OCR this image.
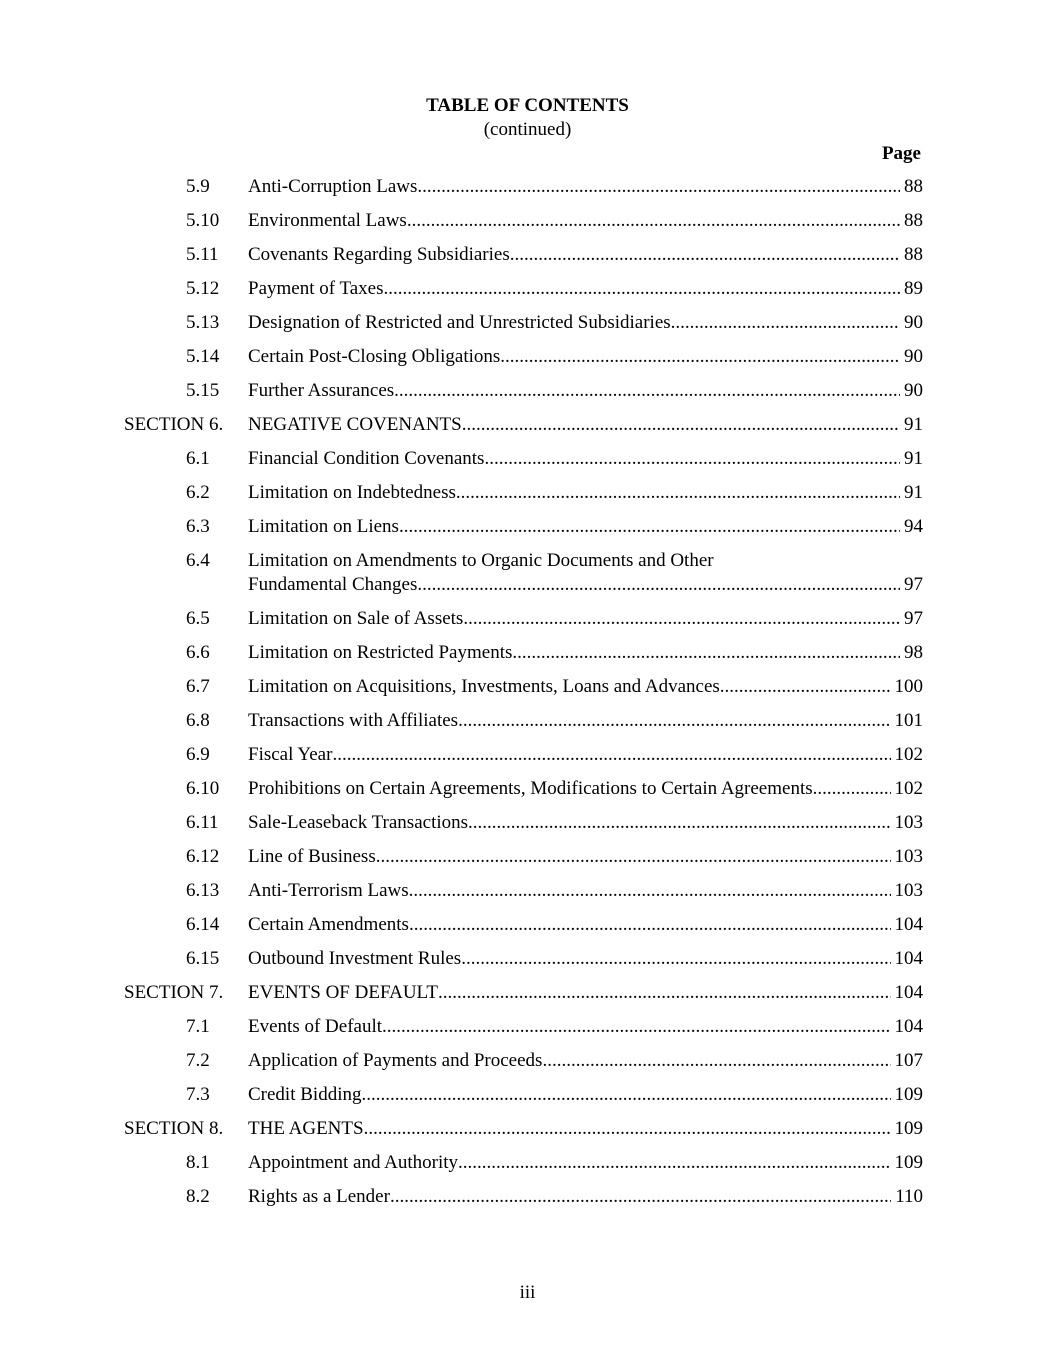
TABLE OF CONTENTS
(continued)
Page
5.9 Anti-Corruption Laws .....	88
5.10 Environmental Laws .....	88
5.11 Covenants Regarding Subsidiaries .....	88
5.12 Payment of Taxes .....	89
5.13 Designation of Restricted and Unrestricted Subsidiaries. .....	90
5.14 Certain Post-Closing Obligations .....	90
5.15 Further Assurances. .....	90
SECTION 6. NEGATIVE COVENANTS .....	91
6.1 Financial Condition Covenants .....	91
6.2 Limitation on Indebtedness .....	91
6.3 Limitation on Liens .....	94
6.4 Limitation on Amendments to Organic Documents and Other
Fundamental Changes .....	97
6.5 Limitation on Sale of Assets .....	97
6.6 Limitation on Restricted Payments .....	98
6.7 Limitation on Acquisitions, Investments, Loans and Advances .....	100
6.8 Transactions with Affiliates .....	101
6.9 Fiscal Year .....	102
6.10 Prohibitions on Certain Agreements, Modifications to Certain Agreements .....	102
6.11 Sale-Leaseback Transactions .....	103
6.12 Line of Business .....	103
6.13 Anti-Terrorism Laws .....	103
6.14 Certain Amendments .....	104
6.15 Outbound Investment Rules .....	104
SECTION 7. EVENTS OF DEFAULT .....	104
7.1 Events of Default .....	104
7.2 Application of Payments and Proceeds .....	107
7.3 Credit Bidding .....	109
SECTION 8. THE AGENTS .....	109
8.1 Appointment and Authority .....	109
8.2 Rights as a Lender .....	110
iii
